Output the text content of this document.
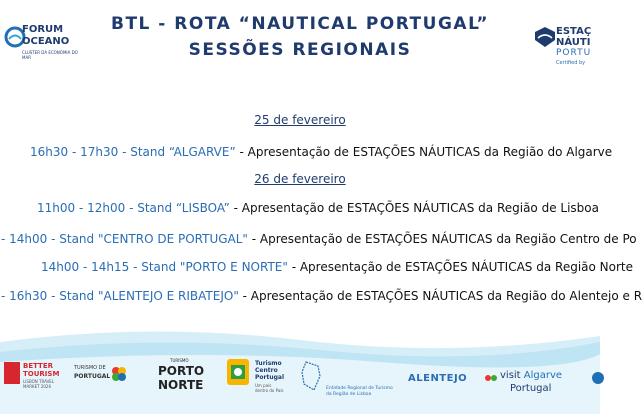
FORUM
OCEANO
CLUSTER DA ECONOMIA DO MAR
BTL - ROTA “NAUTICAL PORTUGAL”
SESSÕES REGIONAIS
ESTAÇ
NÁUTI
PORTU
Certified by
25 de fevereiro
16h30 - 17h30 - Stand “ALGARVE” - Apresentação de ESTAÇÕES NÁUTICAS da Região do Algarve
26 de fevereiro
11h00 - 12h00 - Stand “LISBOA” - Apresentação de ESTAÇÕES NÁUTICAS da Região de Lisboa
- 14h00 - Stand "CENTRO DE PORTUGAL" - Apresentação de ESTAÇÕES NÁUTICAS da Região Centro de Po
14h00 - 14h15 - Stand "PORTO E NORTE" - Apresentação de ESTAÇÕES NÁUTICAS da Região Norte
- 16h30 - Stand "ALENTEJO E RIBATEJO" - Apresentação de ESTAÇÕES NÁUTICAS da Região do Alentejo e R
BETTER
TOURISM
LISBON TRAVEL
MARKET 2026
TURISMO DE
PORTUGAL
TURISMO
PORTO
NORTE
Turismo
Centro
Portugal
Um país
dentro do País	Entidade Regional de Turismo
da Região de Lisboa
ALENTEJO	visit Algarve
Portugal
